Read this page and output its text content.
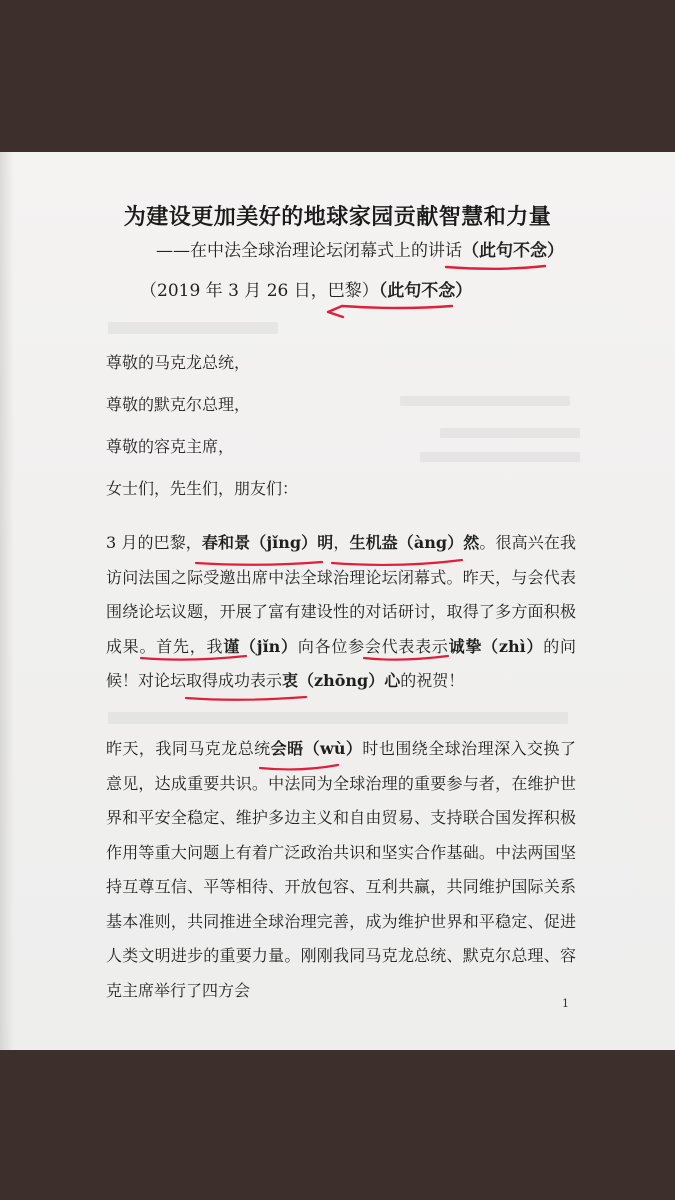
为建设更加美好的地球家园贡献智慧和力量
——在中法全球治理论坛闭幕式上的讲话（此句不念）
（2019 年 3 月 26 日，巴黎）（此句不念）
尊敬的马克龙总统，
尊敬的默克尔总理，
尊敬的容克主席，
女士们，先生们，朋友们：
3 月的巴黎，春和景（jǐng）明，生机盎（àng）然。很高兴在我访问法国之际受邀出席中法全球治理论坛闭幕式。昨天，与会代表围绕论坛议题，开展了富有建设性的对话研讨，取得了多方面积极成果。首先，我谨（jǐn）向各位参会代表表示诚挚（zhì）的问候！对论坛取得成功表示衷（zhōng）心的祝贺！
昨天，我同马克龙总统会晤（wù）时也围绕全球治理深入交换了意见，达成重要共识。中法同为全球治理的重要参与者，在维护世界和平安全稳定、维护多边主义和自由贸易、支持联合国发挥积极作用等重大问题上有着广泛政治共识和坚实合作基础。中法两国坚持互尊互信、平等相待、开放包容、互利共赢，共同维护国际关系基本准则，共同推进全球治理完善，成为维护世界和平稳定、促进人类文明进步的重要力量。刚刚我同马克龙总统、默克尔总理、容克主席举行了四方会
1
